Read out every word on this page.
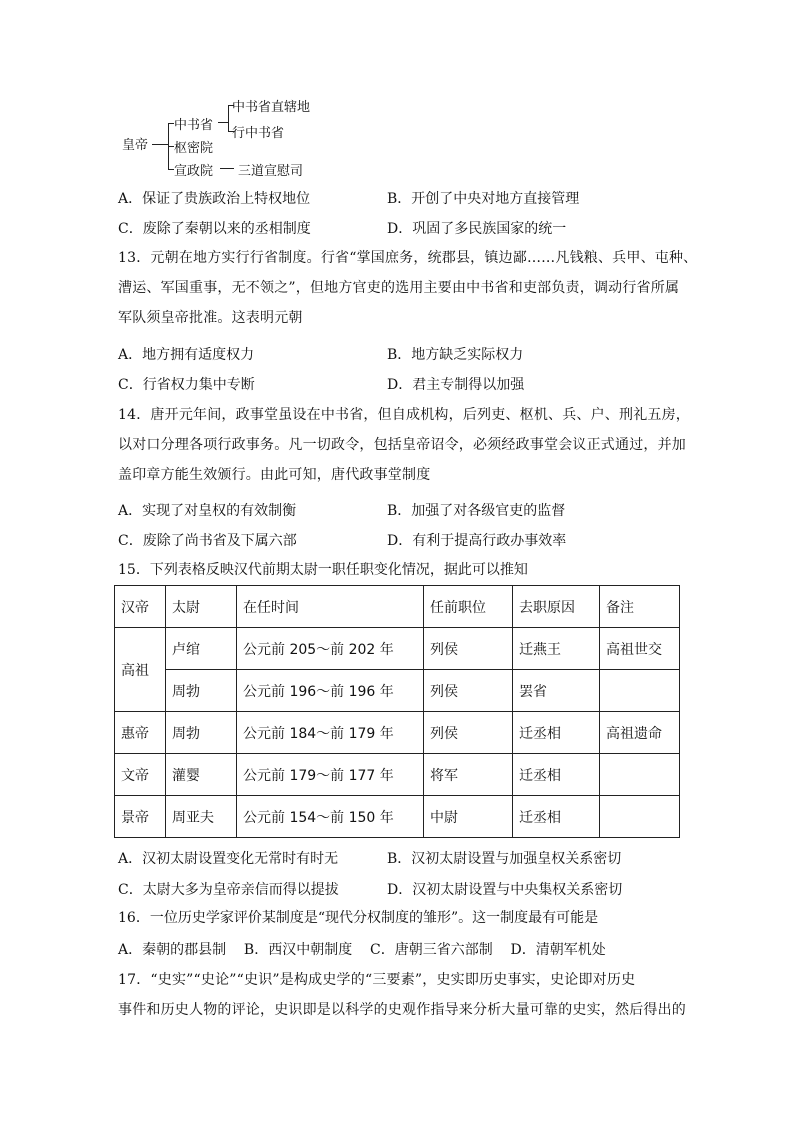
皇帝
中书省
枢密院
宣政院
中书省直辖地
行中书省
三道宣慰司
A．保证了贵族政治上特权地位	B．开创了中央对地方直接管理
C．废除了秦朝以来的丞相制度	D．巩固了多民族国家的统一
13．元朝在地方实行行省制度。行省“掌国庶务，统郡县，镇边鄙……凡钱粮、兵甲、屯种、
漕运、军国重事，无不领之”，但地方官吏的选用主要由中书省和吏部负责，调动行省所属
军队须皇帝批准。这表明元朝
A．地方拥有适度权力	B．地方缺乏实际权力
C．行省权力集中专断	D．君主专制得以加强
14．唐开元年间，政事堂虽设在中书省，但自成机构，后列吏、枢机、兵、户、刑礼五房，
以对口分理各项行政事务。凡一切政令，包括皇帝诏令，必须经政事堂会议正式通过，并加
盖印章方能生效颁行。由此可知，唐代政事堂制度
A．实现了对皇权的有效制衡	B．加强了对各级官吏的监督
C．废除了尚书省及下属六部	D．有利于提高行政办事效率
15．下列表格反映汉代前期太尉一职任职变化情况，据此可以推知
汉帝	太尉	在任时间	任前职位	去职原因	备注
高祖	卢绾	公元前 205～前 202 年	列侯	迁燕王	高祖世交
	周勃	公元前 196～前 196 年	列侯	罢省	
惠帝	周勃	公元前 184～前 179 年	列侯	迁丞相	高祖遗命
文帝	灌婴	公元前 179～前 177 年	将军	迁丞相	
景帝	周亚夫	公元前 154～前 150 年	中尉	迁丞相	
A．汉初太尉设置变化无常时有时无	B．汉初太尉设置与加强皇权关系密切
C．太尉大多为皇帝亲信而得以提拔	D．汉初太尉设置与中央集权关系密切
16．一位历史学家评价某制度是“现代分权制度的雏形”。这一制度最有可能是
A．秦朝的郡县制    B．西汉中朝制度    C．唐朝三省六部制    D．清朝军机处
17．“史实”“史论”“史识”是构成史学的“三要素”，史实即历史事实，史论即对历史
事件和历史人物的评论，史识即是以科学的史观作指导来分析大量可靠的史实，然后得出的
